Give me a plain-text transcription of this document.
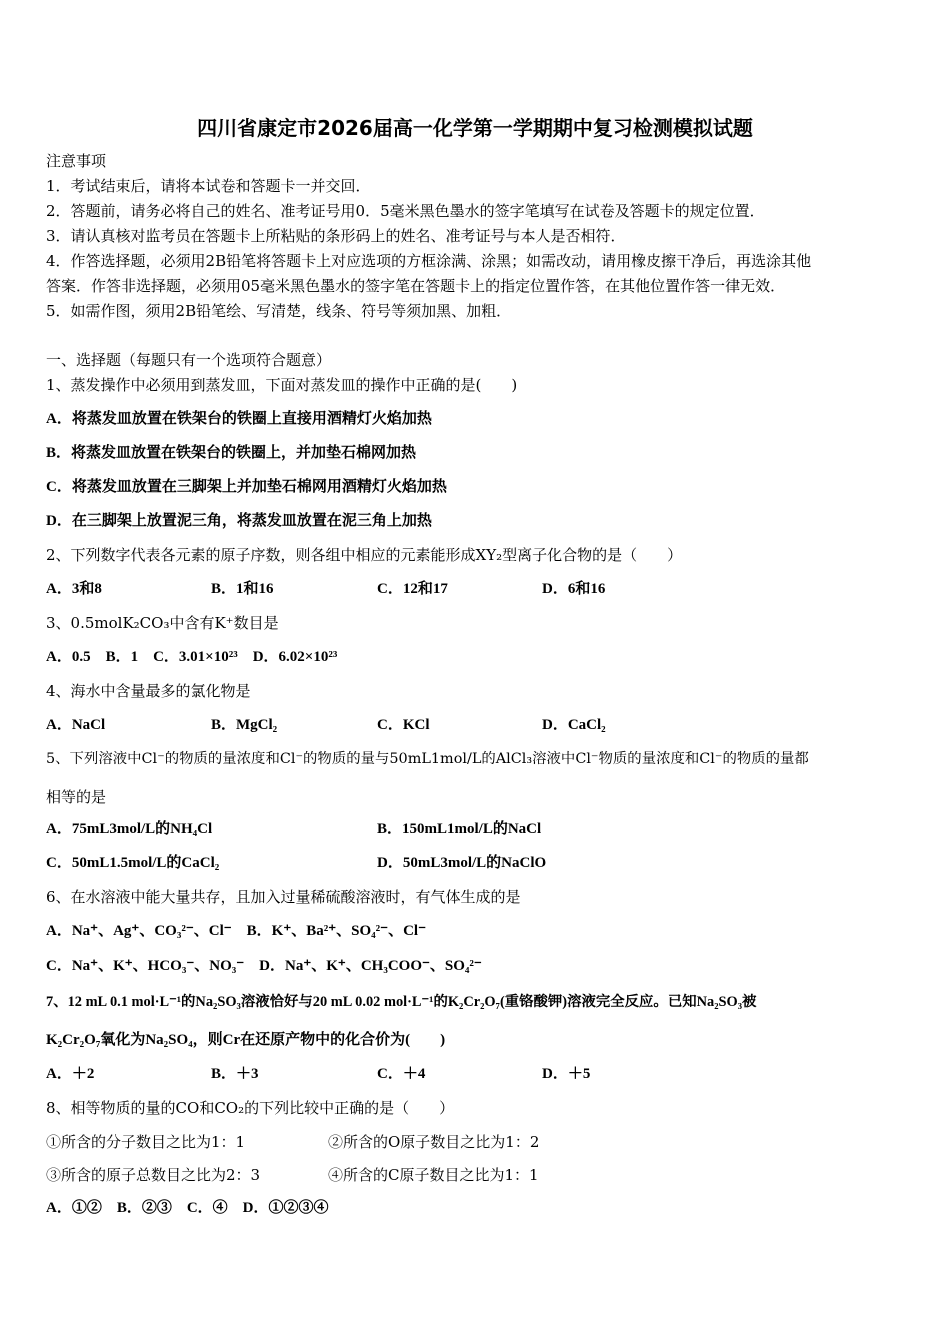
四川省康定市2026届高一化学第一学期期中复习检测模拟试题
注意事项
1．考试结束后，请将本试卷和答题卡一并交回．
2．答题前，请务必将自己的姓名、准考证号用0．5毫米黑色墨水的签字笔填写在试卷及答题卡的规定位置．
3．请认真核对监考员在答题卡上所粘贴的条形码上的姓名、准考证号与本人是否相符．
4．作答选择题，必须用2B铅笔将答题卡上对应选项的方框涂满、涂黑；如需改动，请用橡皮擦干净后，再选涂其他
答案．作答非选择题，必须用05毫米黑色墨水的签字笔在答题卡上的指定位置作答，在其他位置作答一律无效．
5．如需作图，须用2B铅笔绘、写清楚，线条、符号等须加黑、加粗．
一、选择题（每题只有一个选项符合题意）
1、蒸发操作中必须用到蒸发皿，下面对蒸发皿的操作中正确的是(　　)
A．将蒸发皿放置在铁架台的铁圈上直接用酒精灯火焰加热
B．将蒸发皿放置在铁架台的铁圈上，并加垫石棉网加热
C．将蒸发皿放置在三脚架上并加垫石棉网用酒精灯火焰加热
D．在三脚架上放置泥三角，将蒸发皿放置在泥三角上加热
2、下列数字代表各元素的原子序数，则各组中相应的元素能形成XY₂型离子化合物的是（　　）
A．3和8	B．1和16	C．12和17	D．6和16
3、0.5molK₂CO₃中含有K⁺数目是
A．0.5　B．1　C．3.01×10²³　D．6.02×10²³
4、海水中含量最多的氯化物是
A．NaCl	B．MgCl₂	C．KCl	D．CaCl₂
5、下列溶液中Cl⁻的物质的量浓度和Cl⁻的物质的量与50mL1mol/L的AlCl₃溶液中Cl⁻物质的量浓度和Cl⁻的物质的量都
相等的是
A．75mL3mol/L的NH₄Cl	B．150mL1mol/L的NaCl
C．50mL1.5mol/L的CaCl₂	D．50mL3mol/L的NaClO
6、在水溶液中能大量共存，且加入过量稀硫酸溶液时，有气体生成的是
A．Na⁺、Ag⁺、CO₃²⁻、Cl⁻　B．K⁺、Ba²⁺、SO₄²⁻、Cl⁻
C．Na⁺、K⁺、HCO₃⁻、NO₃⁻　D．Na⁺、K⁺、CH₃COO⁻、SO₄²⁻
7、12 mL 0.1 mol·L⁻¹的Na₂SO₃溶液恰好与20 mL 0.02 mol·L⁻¹的K₂Cr₂O₇(重铬酸钾)溶液完全反应。已知Na₂SO₃被
K₂Cr₂O₇氧化为Na₂SO₄，则Cr在还原产物中的化合价为(　　)
A．＋2	B．＋3	C．＋4	D．＋5
8、相等物质的量的CO和CO₂的下列比较中正确的是（　　）
①所含的分子数目之比为1：1	②所含的O原子数目之比为1：2
③所含的原子总数目之比为2：3	④所含的C原子数目之比为1：1
A．①②　B．②③　C．④　D．①②③④
